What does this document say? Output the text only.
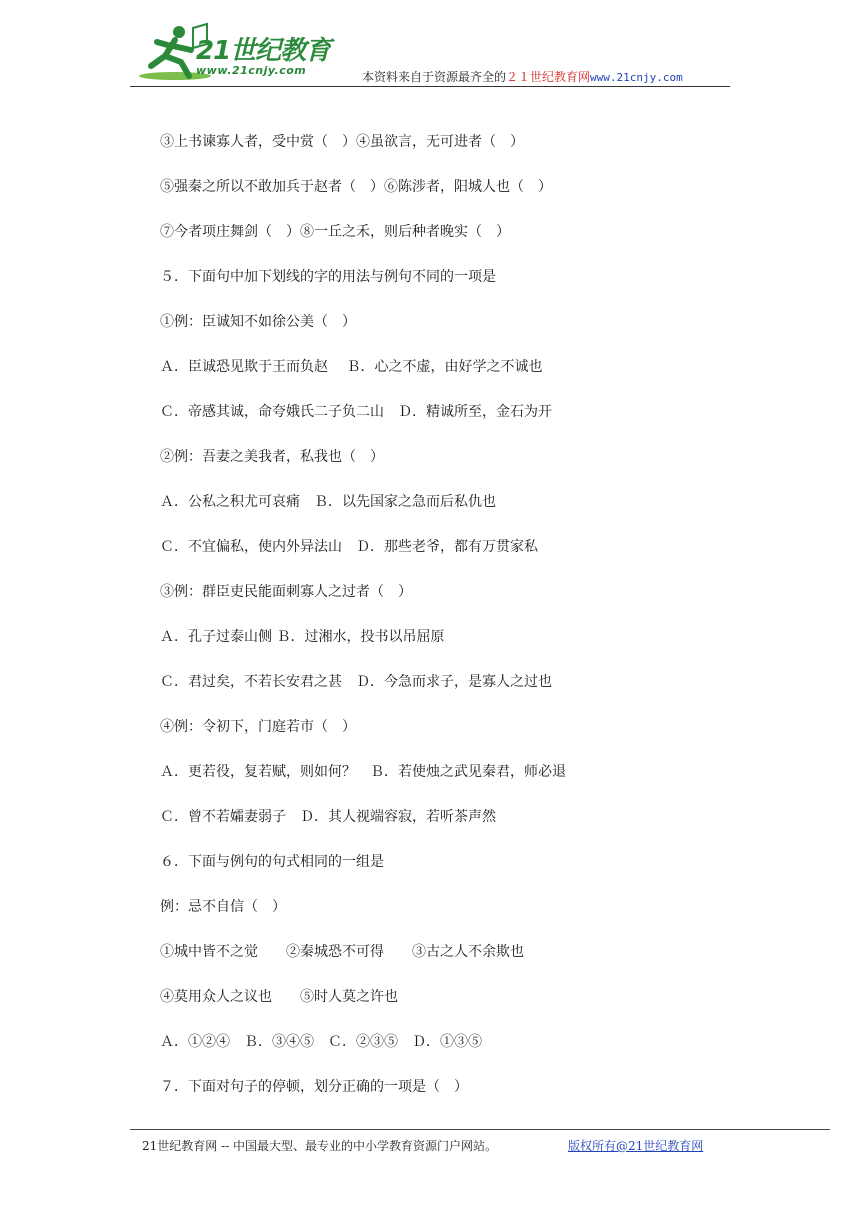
21世纪教育
www.21cnjy.com	本资料来自于资源最齐全的２１世纪教育网www.21cnjy.com
③上书谏寡人者，受中赏（　）④虽欲言，无可进者（　）
⑤强秦之所以不敢加兵于赵者（　）⑥陈涉者，阳城人也（　）
⑦今者项庄舞剑（　）⑧一丘之禾，则后种者晚实（　）
５．下面句中加下划线的字的用法与例句不同的一项是
①例：臣诚知不如徐公美（　）
Ａ．臣诚恐见欺于王而负赵　 Ｂ．心之不虚，由好学之不诚也
Ｃ．帝感其诚，命夸娥氏二子负二山　Ｄ．精诚所至，金石为开
②例：吾妻之美我者，私我也（　）
Ａ．公私之积尤可哀痛　Ｂ．以先国家之急而后私仇也
Ｃ．不宜偏私，使内外异法山　Ｄ．那些老爷，都有万贯家私
③例：群臣吏民能面刺寡人之过者（　）
Ａ．孔子过泰山侧 Ｂ．过湘水，投书以吊屈原
Ｃ．君过矣，不若长安君之甚　Ｄ．今急而求子，是寡人之过也
④例：令初下，门庭若市（　）
Ａ．更若役，复若赋，则如何？　Ｂ．若使烛之武见秦君，师必退
Ｃ．曾不若孀妻弱子　Ｄ．其人视端容寂，若听茶声然
６．下面与例句的句式相同的一组是
例：忌不自信（　）
①城中皆不之觉　　②秦城恐不可得　　③古之人不余欺也
④莫用众人之议也　　⑤时人莫之许也
Ａ．①②④　Ｂ．③④⑤　Ｃ．②③⑤　Ｄ．①③⑤
７．下面对句子的停顿，划分正确的一项是（　）
21世纪教育网 -- 中国最大型、最专业的中小学教育资源门户网站。	版权所有@21世纪教育网
